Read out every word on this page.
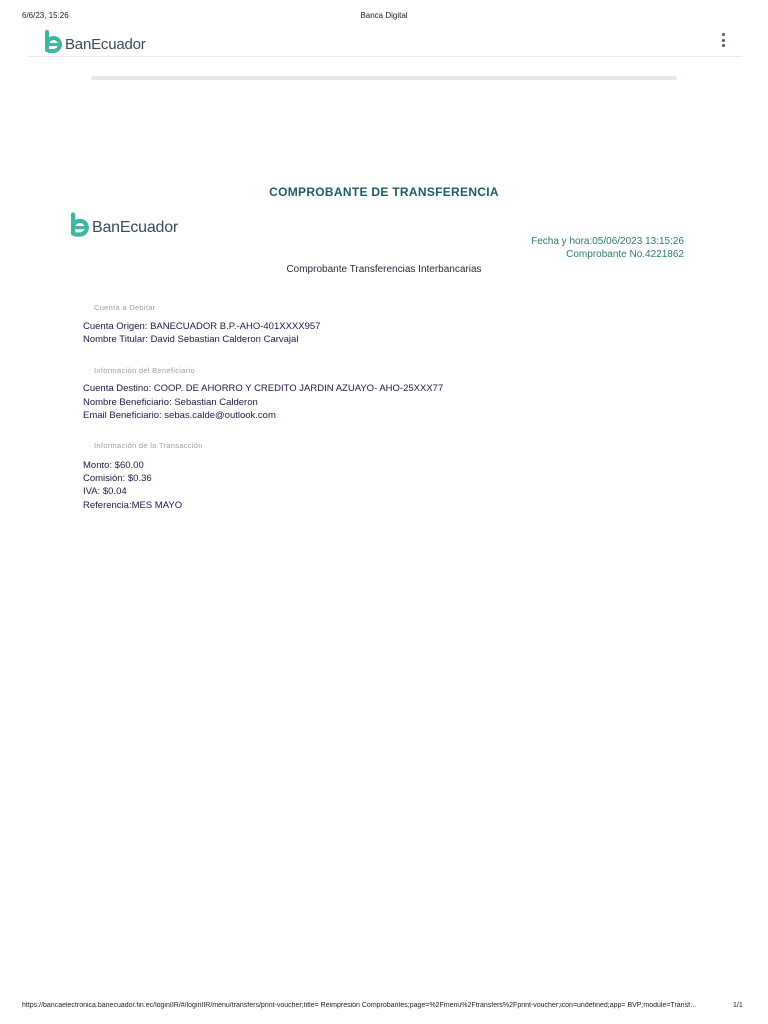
6/6/23, 15:26	Banca Digital
BanEcuador
COMPROBANTE DE TRANSFERENCIA
BanEcuador
Fecha y hora:05/06/2023 13:15:26
Comprobante No.4221862
Comprobante Transferencias Interbancarias
Cuenta a Debitar
Cuenta Origen: BANECUADOR B.P.-AHO-401XXXX957
Nombre Titular: David Sebastian Calderon Carvajal
Información del Beneficiario
Cuenta Destino: COOP. DE AHORRO Y CREDITO JARDIN AZUAYO- AHO-25XXX77
Nombre Beneficiario: Sebastian Calderon
Email Beneficiario: sebas.calde@outlook.com
Información de la Transacción
Monto: $60.00
Comisión: $0.36
IVA: $0.04
Referencia:MES MAYO
https://bancaelectronica.banecuador.fin.ec/loginIIR/#/loginIIR/menu/transfers/print-voucher;title= Reimpresión Comprobantes;page=%2Fmenu%2Ftransfers%2Fprint-voucher;icon=undefined;app= BVP;module=Transf…	1/1
